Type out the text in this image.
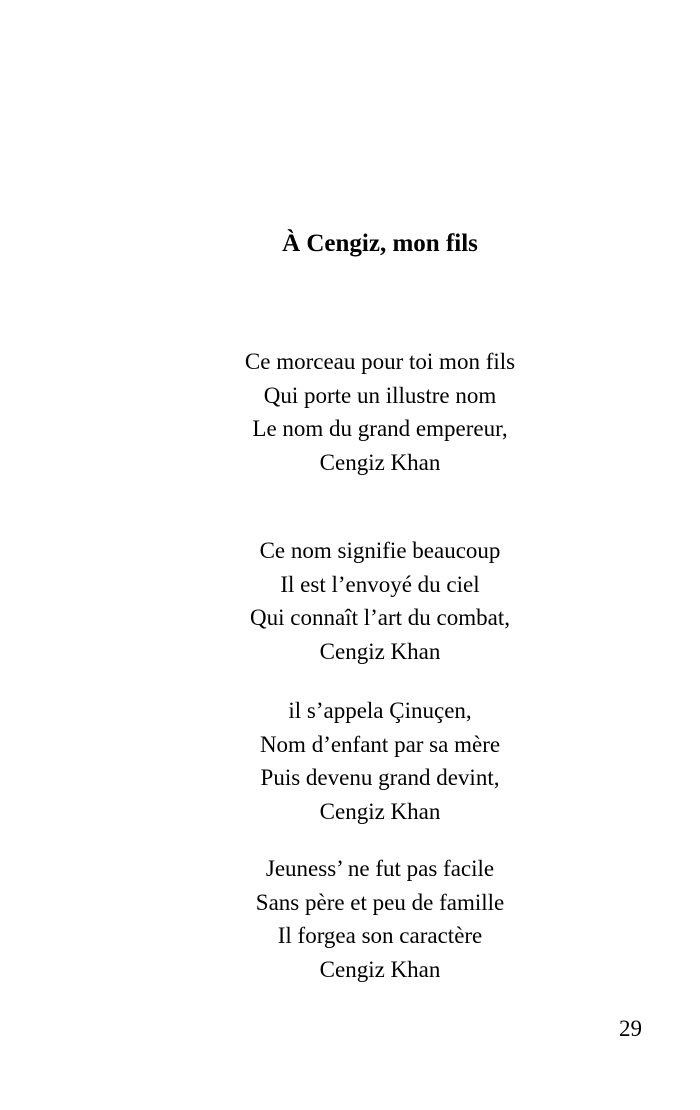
À Cengiz, mon fils
Ce morceau pour toi mon fils
Qui porte un illustre nom
Le nom du grand empereur,
Cengiz Khan
Ce nom signifie beaucoup
Il est l’envoyé du ciel
Qui connaît l’art du combat,
Cengiz Khan
il s’appela Çinuçen,
Nom d’enfant par sa mère
Puis devenu grand devint,
Cengiz Khan
Jeuness’ ne fut pas facile
Sans père et peu de famille
Il forgea son caractère
Cengiz Khan

29
